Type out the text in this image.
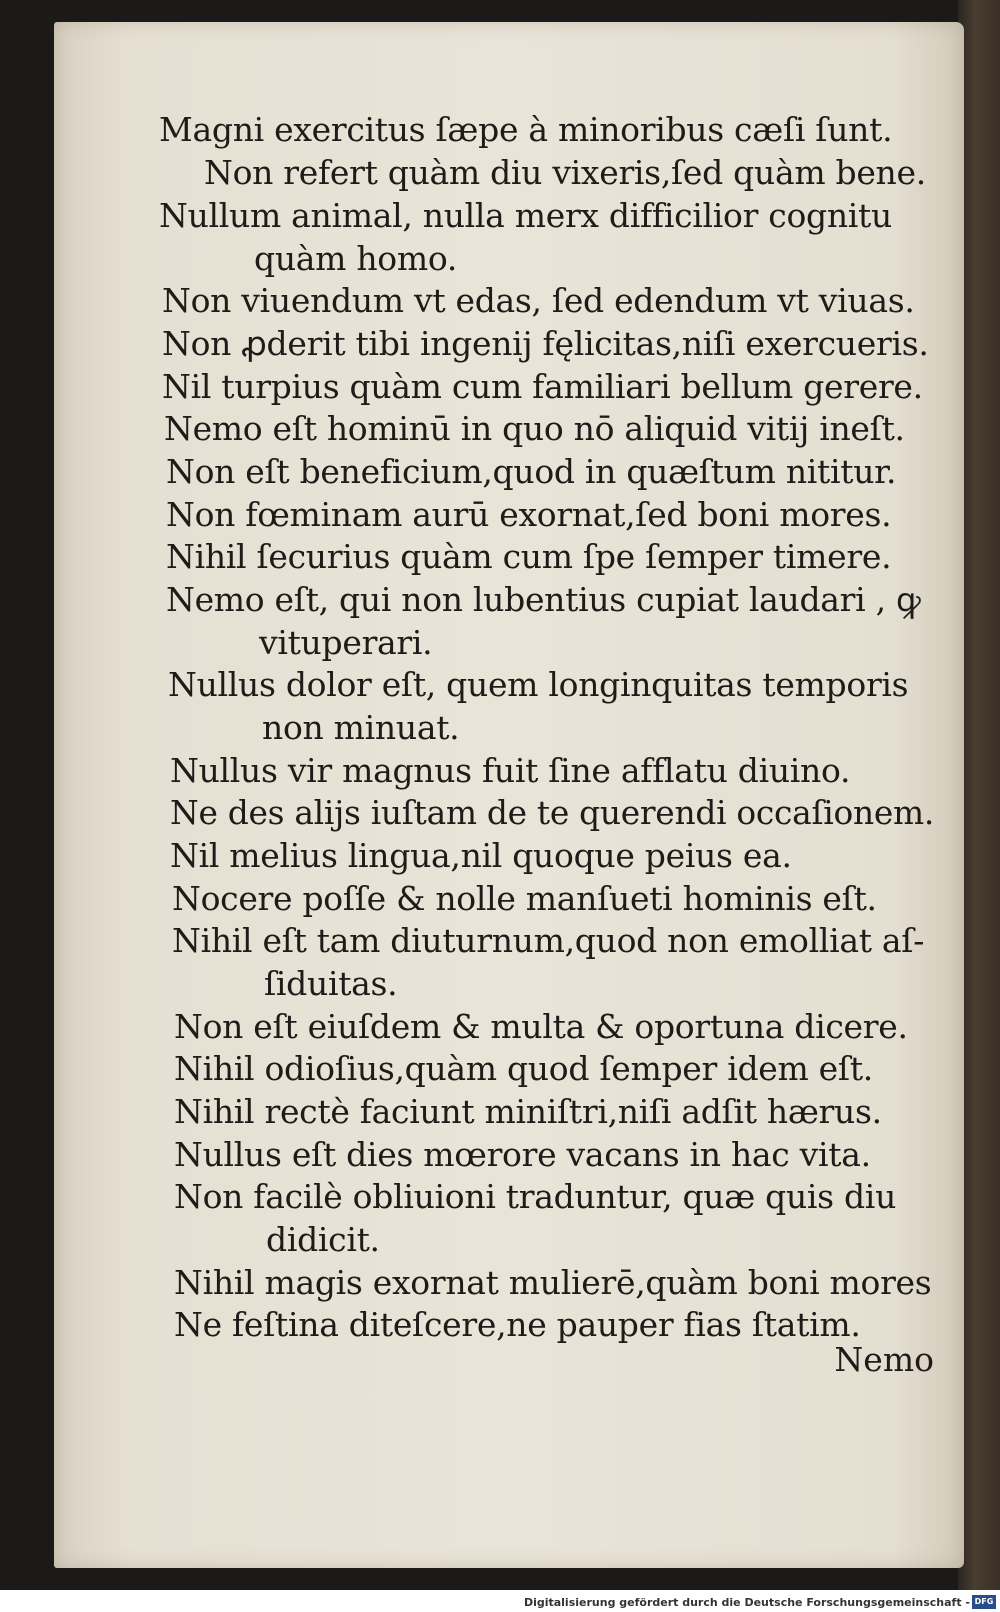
Magni exercitus ſæpe à minoribus cæſi ſunt.
Non refert quàm diu vixeris,ſed quàm bene.
Nullum animal, nulla merx difficilior cognitu
quàm homo.
Non viuendum vt edas, ſed edendum vt viuas.
Non ꝓderit tibi ingenij fęlicitas,niſi exercueris.
Nil turpius quàm cum familiari bellum gerere.
Nemo eſt hominū in quo nō aliquid vitij ineſt.
Non eſt beneficium,quod in quæſtum nititur.
Non fœminam aurū exornat,ſed boni mores.
Nihil ſecurius quàm cum ſpe ſemper timere.
Nemo eſt, qui non lubentius cupiat laudari , ꝙ
vituperari.
Nullus dolor eſt, quem longinquitas temporis
non minuat.
Nullus vir magnus fuit ſine afflatu diuino.
Ne des alijs iuſtam de te querendi occaſionem.
Nil melius lingua,nil quoque peius ea.
Nocere poſſe & nolle manſueti hominis eſt.
Nihil eſt tam diuturnum,quod non emolliat aſ-
ſiduitas.
Non eſt eiuſdem & multa & oportuna dicere.
Nihil odioſius,quàm quod ſemper idem eſt.
Nihil rectè faciunt miniſtri,niſi adſit hærus.
Nullus eſt dies mœrore vacans in hac vita.
Non facilè obliuioni traduntur, quæ quis diu
didicit.
Nihil magis exornat mulierē,quàm boni mores
Ne feſtina diteſcere,ne pauper fias ſtatim.
Nemo
Digitalisierung gefördert durch die Deutsche Forschungsgemeinschaft - DFG
